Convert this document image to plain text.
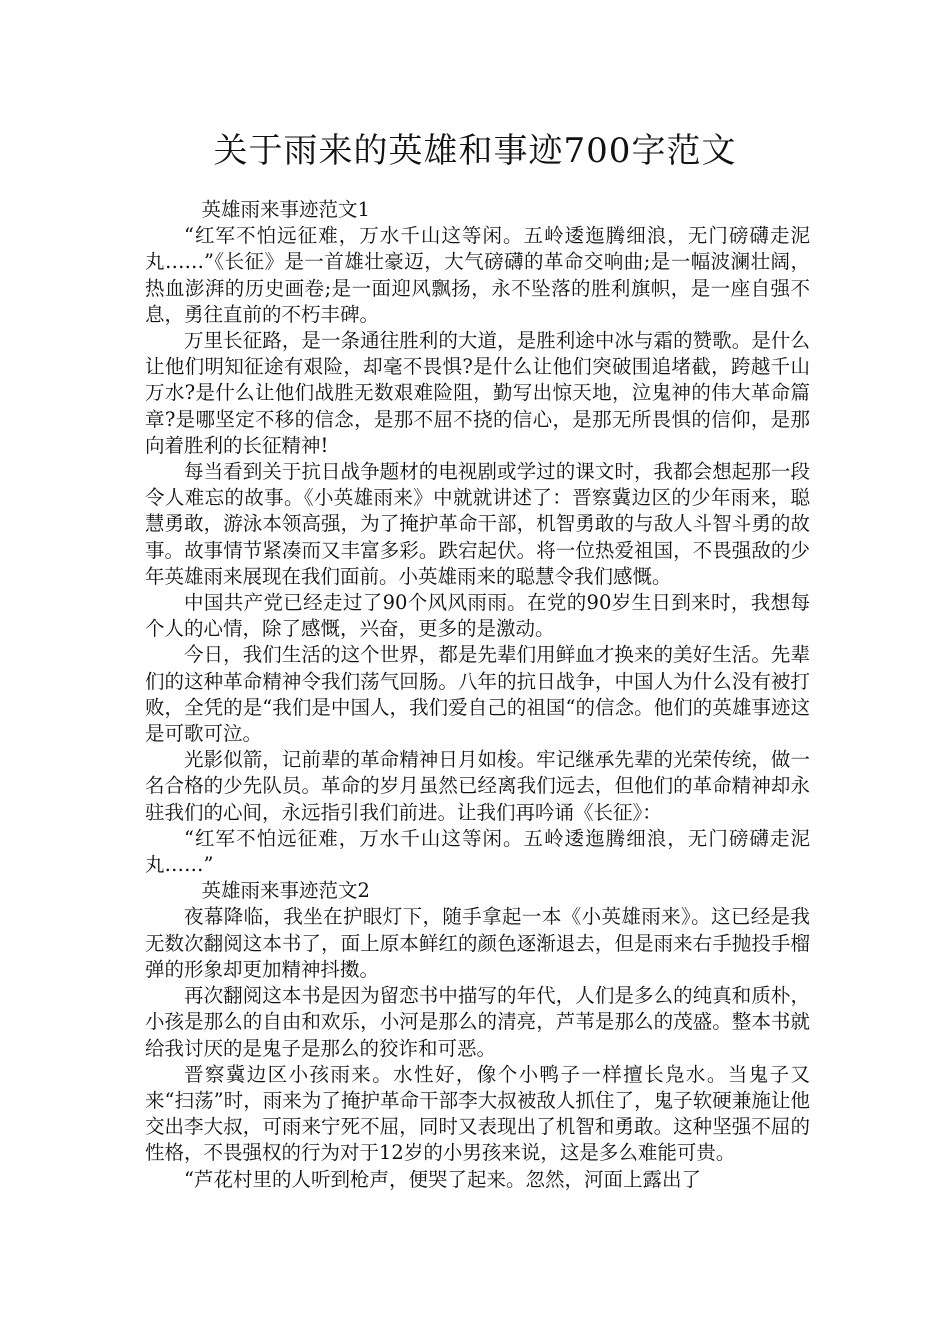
关于雨来的英雄和事迹700字范文
英雄雨来事迹范文1

“红军不怕远征难，万水千山这等闲。五岭逶迤腾细浪，无门磅礴走泥丸……”《长征》是一首雄壮豪迈，大气磅礴的革命交响曲;是一幅波澜壮阔，热血澎湃的历史画卷;是一面迎风飘扬，永不坠落的胜利旗帜，是一座自强不息，勇往直前的不朽丰碑。

万里长征路，是一条通往胜利的大道，是胜利途中冰与霜的赞歌。是什么让他们明知征途有艰险，却毫不畏惧?是什么让他们突破围追堵截，跨越千山万水?是什么让他们战胜无数艰难险阻，勤写出惊天地，泣鬼神的伟大革命篇章?是哪坚定不移的信念，是那不屈不挠的信心，是那无所畏惧的信仰，是那向着胜利的长征精神!

每当看到关于抗日战争题材的电视剧或学过的课文时，我都会想起那一段令人难忘的故事。《小英雄雨来》中就就讲述了：晋察冀边区的少年雨来，聪慧勇敢，游泳本领高强，为了掩护革命干部，机智勇敢的与敌人斗智斗勇的故事。故事情节紧凑而又丰富多彩。跌宕起伏。将一位热爱祖国，不畏强敌的少年英雄雨来展现在我们面前。小英雄雨来的聪慧令我们感慨。

中国共产党已经走过了90个风风雨雨。在党的90岁生日到来时，我想每个人的心情，除了感慨，兴奋，更多的是激动。

今日，我们生活的这个世界，都是先辈们用鲜血才换来的美好生活。先辈们的这种革命精神令我们荡气回肠。八年的抗日战争，中国人为什么没有被打败，全凭的是“我们是中国人，我们爱自己的祖国“的信念。他们的英雄事迹这是可歌可泣。

光影似箭，记前辈的革命精神日月如梭。牢记继承先辈的光荣传统，做一名合格的少先队员。革命的岁月虽然已经离我们远去，但他们的革命精神却永驻我们的心间，永远指引我们前进。让我们再吟诵《长征》：

“红军不怕远征难，万水千山这等闲。五岭逶迤腾细浪，无门磅礴走泥丸……”

英雄雨来事迹范文2

夜幕降临，我坐在护眼灯下，随手拿起一本《小英雄雨来》。这已经是我无数次翻阅这本书了，面上原本鲜红的颜色逐渐退去，但是雨来右手抛投手榴弹的形象却更加精神抖擞。

再次翻阅这本书是因为留恋书中描写的年代，人们是多么的纯真和质朴，小孩是那么的自由和欢乐，小河是那么的清亮，芦苇是那么的茂盛。整本书就给我讨厌的是鬼子是那么的狡诈和可恶。

晋察冀边区小孩雨来。水性好，像个小鸭子一样擅长凫水。当鬼子又来“扫荡”时，雨来为了掩护革命干部李大叔被敌人抓住了，鬼子软硬兼施让他交出李大叔，可雨来宁死不屈，同时又表现出了机智和勇敢。这种坚强不屈的性格，不畏强权的行为对于12岁的小男孩来说，这是多么难能可贵。

“芦花村里的人听到枪声，便哭了起来。忽然，河面上露出了
